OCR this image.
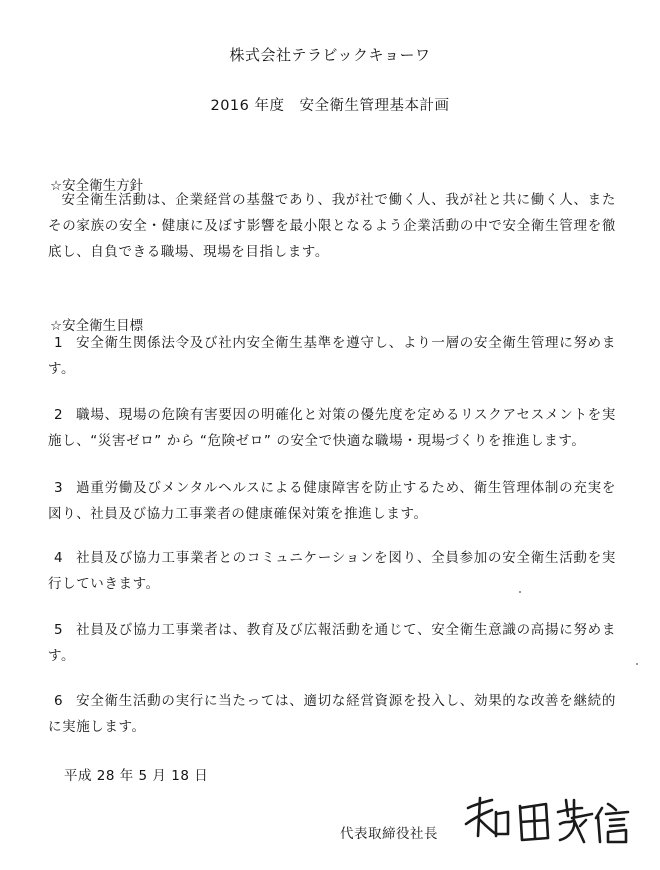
株式会社テラビックキョーワ
2016 年度　安全衛生管理基本計画
☆安全衛生方針

安全衛生活動は、企業経営の基盤であり、我が社で働く人、我が社と共に働く人、またその家族の安全・健康に及ぼす影響を最小限となるよう企業活動の中で安全衛生管理を徹底し、自負できる職場、現場を目指します。

☆安全衛生目標

1 安全衛生関係法令及び社内安全衛生基準を遵守し、より一層の安全衛生管理に努めます。

2 職場、現場の危険有害要因の明確化と対策の優先度を定めるリスクアセスメントを実施し、“災害ゼロ” から “危険ゼロ” の安全で快適な職場・現場づくりを推進します。

3 過重労働及びメンタルヘルスによる健康障害を防止するため、衛生管理体制の充実を図り、社員及び協力工事業者の健康確保対策を推進します。

4 社員及び協力工事業者とのコミュニケーションを図り、全員参加の安全衛生活動を実行していきます。

5 社員及び協力工事業者は、教育及び広報活動を通じて、安全衛生意識の高揚に努めます。

6 安全衛生活動の実行に当たっては、適切な経営資源を投入し、効果的な改善を継続的に実施します。

平成 28 年 5 月 18 日
代表取締役社長
